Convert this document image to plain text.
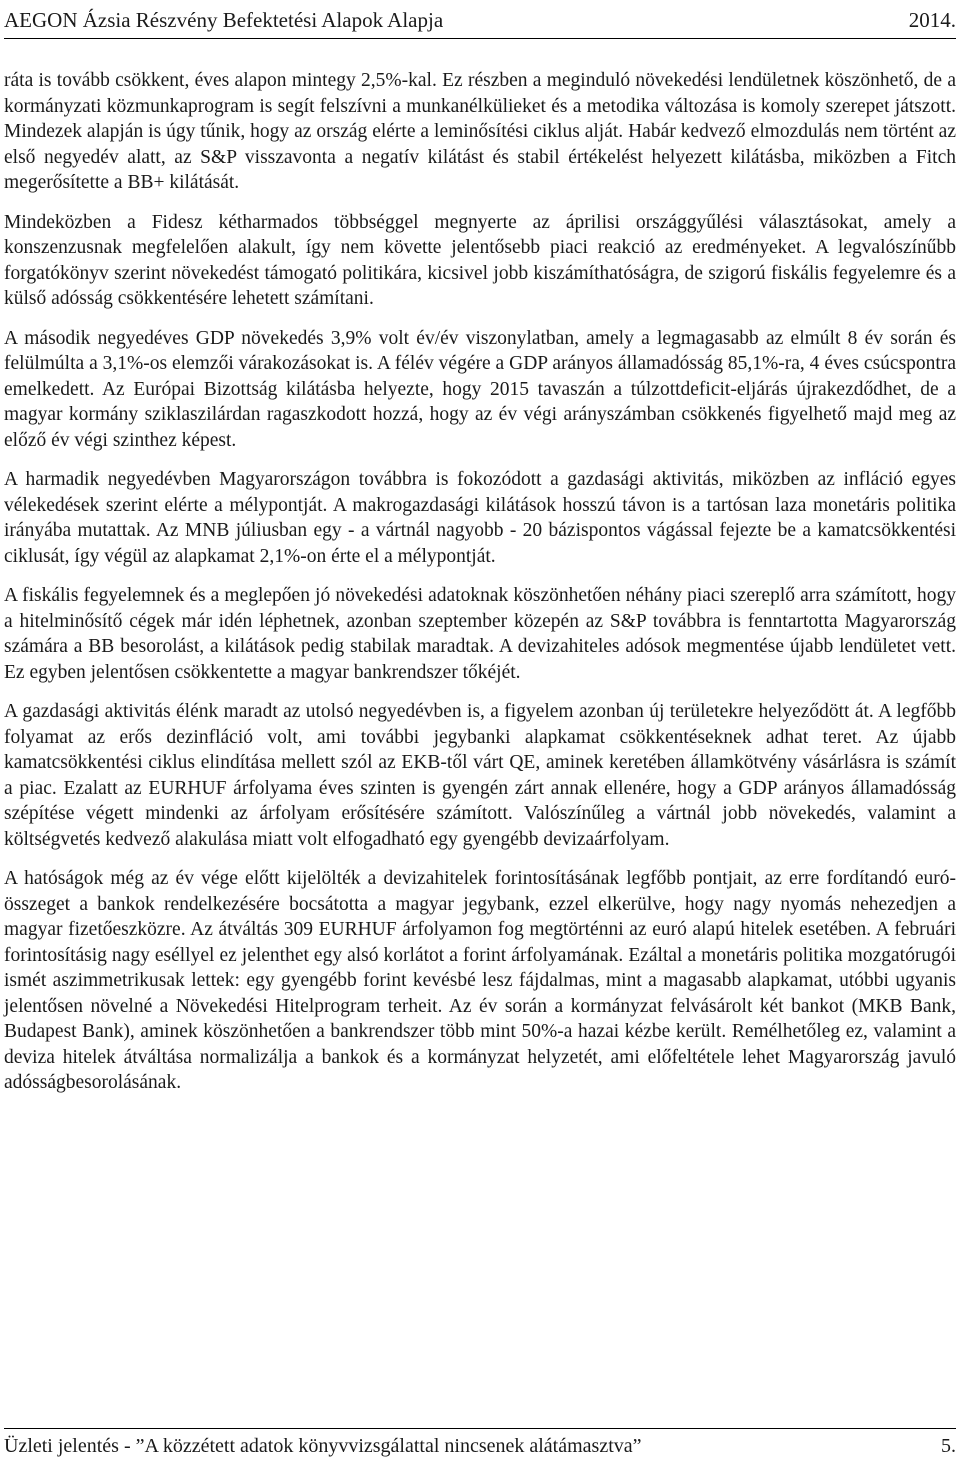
AEGON Ázsia Részvény Befektetési Alapok Alapja	2014.

ráta is tovább csökkent, éves alapon mintegy 2,5%-kal. Ez részben a meginduló növekedési lendületnek köszönhető, de a kormányzati közmunkaprogram is segít felszívni a munkanélkülieket és a metodika változása is komoly szerepet játszott. Mindezek alapján is úgy tűnik, hogy az ország elérte a leminősítési ciklus alját. Habár kedvező elmozdulás nem történt az első negyedév alatt, az S&P visszavonta a negatív kilátást és stabil értékelést helyezett kilátásba, miközben a Fitch megerősítette a BB+ kilátását.

Mindeközben a Fidesz kétharmados többséggel megnyerte az áprilisi országgyűlési választásokat, amely a konszenzusnak megfelelően alakult, így nem követte jelentősebb piaci reakció az eredményeket. A legvalószínűbb forgatókönyv szerint növekedést támogató politikára, kicsivel jobb kiszámíthatóságra, de szigorú fiskális fegyelemre és a külső adósság csökkentésére lehetett számítani.

A második negyedéves GDP növekedés 3,9% volt év/év viszonylatban, amely a legmagasabb az elmúlt 8 év során és felülmúlta a 3,1%-os elemzői várakozásokat is. A félév végére a GDP arányos államadósság 85,1%-ra, 4 éves csúcspontra emelkedett. Az Európai Bizottság kilátásba helyezte, hogy 2015 tavaszán a túlzottdeficit-eljárás újrakezdődhet, de a magyar kormány sziklaszilárdan ragaszkodott hozzá, hogy az év végi arányszámban csökkenés figyelhető majd meg az előző év végi szinthez képest.

A harmadik negyedévben Magyarországon továbbra is fokozódott a gazdasági aktivitás, miközben az infláció egyes vélekedések szerint elérte a mélypontját. A makrogazdasági kilátások hosszú távon is a tartósan laza monetáris politika irányába mutattak. Az MNB júliusban egy - a vártnál nagyobb - 20 bázispontos vágással fejezte be a kamatcsökkentési ciklusát, így végül az alapkamat 2,1%-on érte el a mélypontját.

A fiskális fegyelemnek és a meglepően jó növekedési adatoknak köszönhetően néhány piaci szereplő arra számított, hogy a hitelminősítő cégek már idén léphetnek, azonban szeptember közepén az S&P továbbra is fenntartotta Magyarország számára a BB besorolást, a kilátások pedig stabilak maradtak. A devizahiteles adósok megmentése újabb lendületet vett. Ez egyben jelentősen csökkentette a magyar bankrendszer tőkéjét.

A gazdasági aktivitás élénk maradt az utolsó negyedévben is, a figyelem azonban új területekre helyeződött át. A legfőbb folyamat az erős dezinfláció volt, ami további jegybanki alapkamat csökkentéseknek adhat teret. Az újabb kamatcsökkentési ciklus elindítása mellett szól az EKB-től várt QE, aminek keretében államkötvény vásárlásra is számít a piac. Ezalatt az EURHUF árfolyama éves szinten is gyengén zárt annak ellenére, hogy a GDP arányos államadósság szépítése végett mindenki az árfolyam erősítésére számított. Valószínűleg a vártnál jobb növekedés, valamint a költségvetés kedvező alakulása miatt volt elfogadható egy gyengébb devizaárfolyam.

A hatóságok még az év vége előtt kijelölték a devizahitelek forintosításának legfőbb pontjait, az erre fordítandó euró-összeget a bankok rendelkezésére bocsátotta a magyar jegybank, ezzel elkerülve, hogy nagy nyomás nehezedjen a magyar fizetőeszközre. Az átváltás 309 EURHUF árfolyamon fog megtörténni az euró alapú hitelek esetében. A februári forintosításig nagy eséllyel ez jelenthet egy alsó korlátot a forint árfolyamának. Ezáltal a monetáris politika mozgatórugói ismét aszimmetrikusak lettek: egy gyengébb forint kevésbé lesz fájdalmas, mint a magasabb alapkamat, utóbbi ugyanis jelentősen növelné a Növekedési Hitelprogram terheit. Az év során a kormányzat felvásárolt két bankot (MKB Bank, Budapest Bank), aminek köszönhetően a bankrendszer több mint 50%-a hazai kézbe került. Remélhetőleg ez, valamint a deviza hitelek átváltása normalizálja a bankok és a kormányzat helyzetét, ami előfeltétele lehet Magyarország javuló adósságbesorolásának.

Üzleti jelentés - ”A közzétett adatok könyvvizsgálattal nincsenek alátámasztva”	5.
